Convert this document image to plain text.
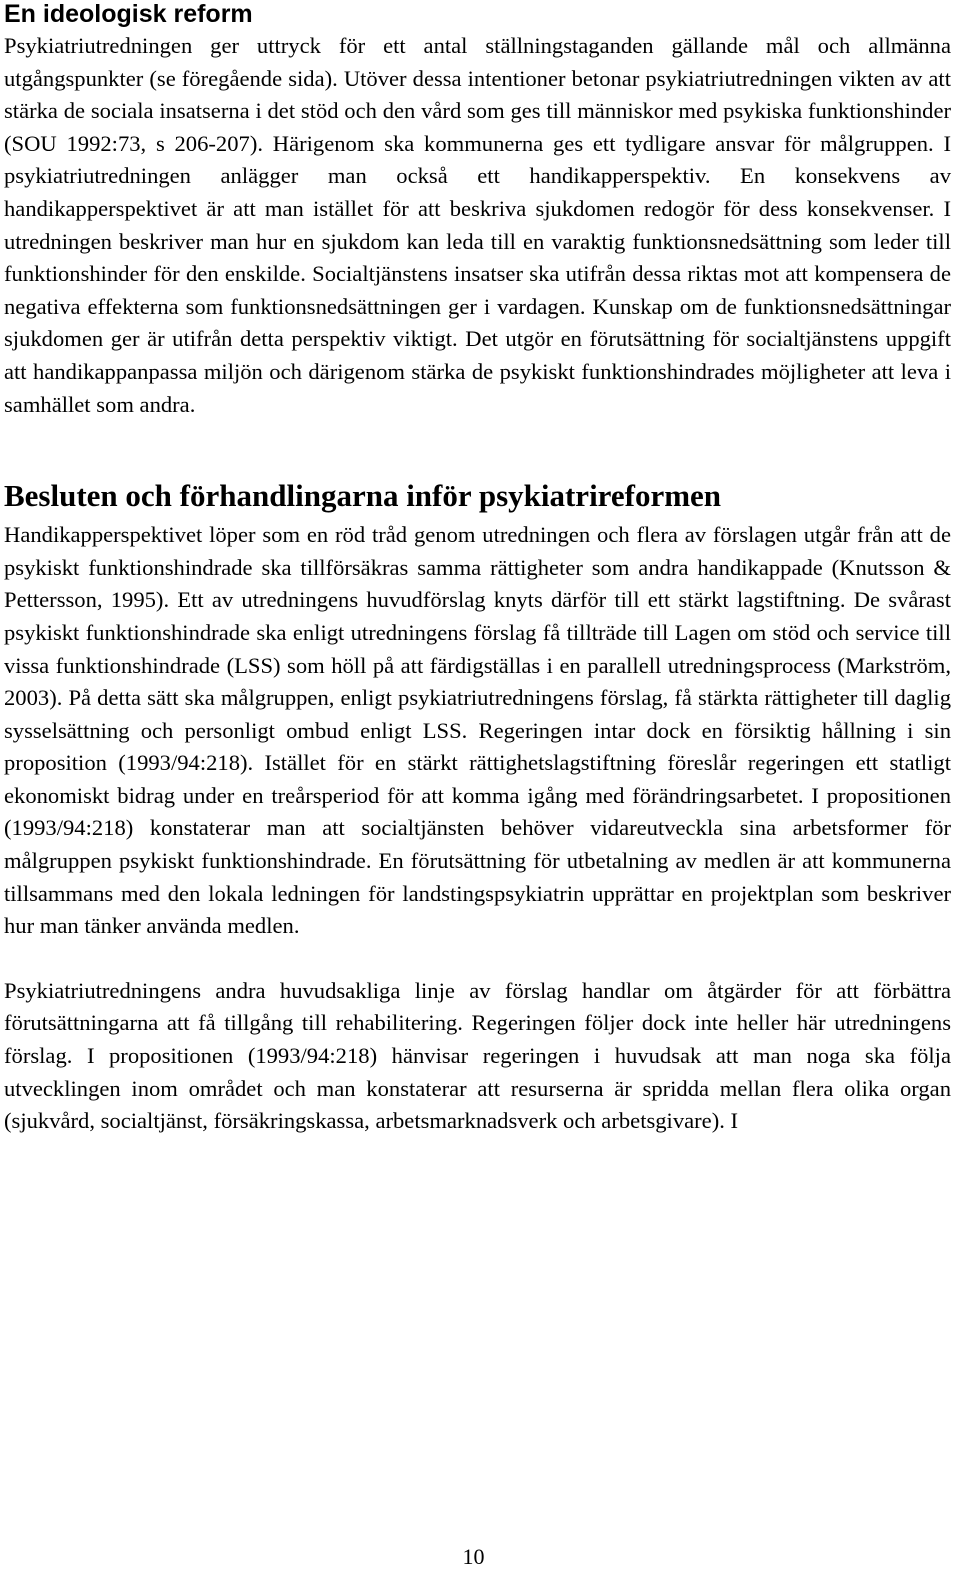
En ideologisk reform

Psykiatriutredningen ger uttryck för ett antal ställningstaganden gällande mål och allmänna utgångspunkter (se föregående sida). Utöver dessa intentioner betonar psykiatriutredningen vikten av att stärka de sociala insatserna i det stöd och den vård som ges till människor med psykiska funktionshinder (SOU 1992:73, s 206-207). Härigenom ska kommunerna ges ett tydligare ansvar för målgruppen. I psykiatriutredningen anlägger man också ett handikapperspektiv. En konsekvens av handikapperspektivet är att man istället för att beskriva sjukdomen redogör för dess konsekvenser. I utredningen beskriver man hur en sjukdom kan leda till en varaktig funktionsnedsättning som leder till funktionshinder för den enskilde. Socialtjänstens insatser ska utifrån dessa riktas mot att kompensera de negativa effekterna som funktionsnedsättningen ger i vardagen. Kunskap om de funktionsnedsättningar sjukdomen ger är utifrån detta perspektiv viktigt. Det utgör en förutsättning för socialtjänstens uppgift att handikappanpassa miljön och därigenom stärka de psykiskt funktionshindrades möjligheter att leva i samhället som andra.

Besluten och förhandlingarna inför psykiatrireformen

Handikapperspektivet löper som en röd tråd genom utredningen och flera av förslagen utgår från att de psykiskt funktionshindrade ska tillförsäkras samma rättigheter som andra handikappade (Knutsson & Pettersson, 1995). Ett av utredningens huvudförslag knyts därför till ett stärkt lagstiftning. De svårast psykiskt funktionshindrade ska enligt utredningens förslag få tillträde till Lagen om stöd och service till vissa funktionshindrade (LSS) som höll på att färdigställas i en parallell utredningsprocess (Markström, 2003). På detta sätt ska målgruppen, enligt psykiatriutredningens förslag, få stärkta rättigheter till daglig sysselsättning och personligt ombud enligt LSS. Regeringen intar dock en försiktig hållning i sin proposition (1993/94:218). Istället för en stärkt rättighetslagstiftning föreslår regeringen ett statligt ekonomiskt bidrag under en treårsperiod för att komma igång med förändringsarbetet. I propositionen (1993/94:218) konstaterar man att socialtjänsten behöver vidareutveckla sina arbetsformer för målgruppen psykiskt funktionshindrade. En förutsättning för utbetalning av medlen är att kommunerna tillsammans med den lokala ledningen för landstingspsykiatrin upprättar en projektplan som beskriver hur man tänker använda medlen.

Psykiatriutredningens andra huvudsakliga linje av förslag handlar om åtgärder för att förbättra förutsättningarna att få tillgång till rehabilitering. Regeringen följer dock inte heller här utredningens förslag. I propositionen (1993/94:218) hänvisar regeringen i huvudsak att man noga ska följa utvecklingen inom området och man konstaterar att resurserna är spridda mellan flera olika organ (sjukvård, socialtjänst, försäkringskassa, arbetsmarknadsverk och arbetsgivare). I

10
